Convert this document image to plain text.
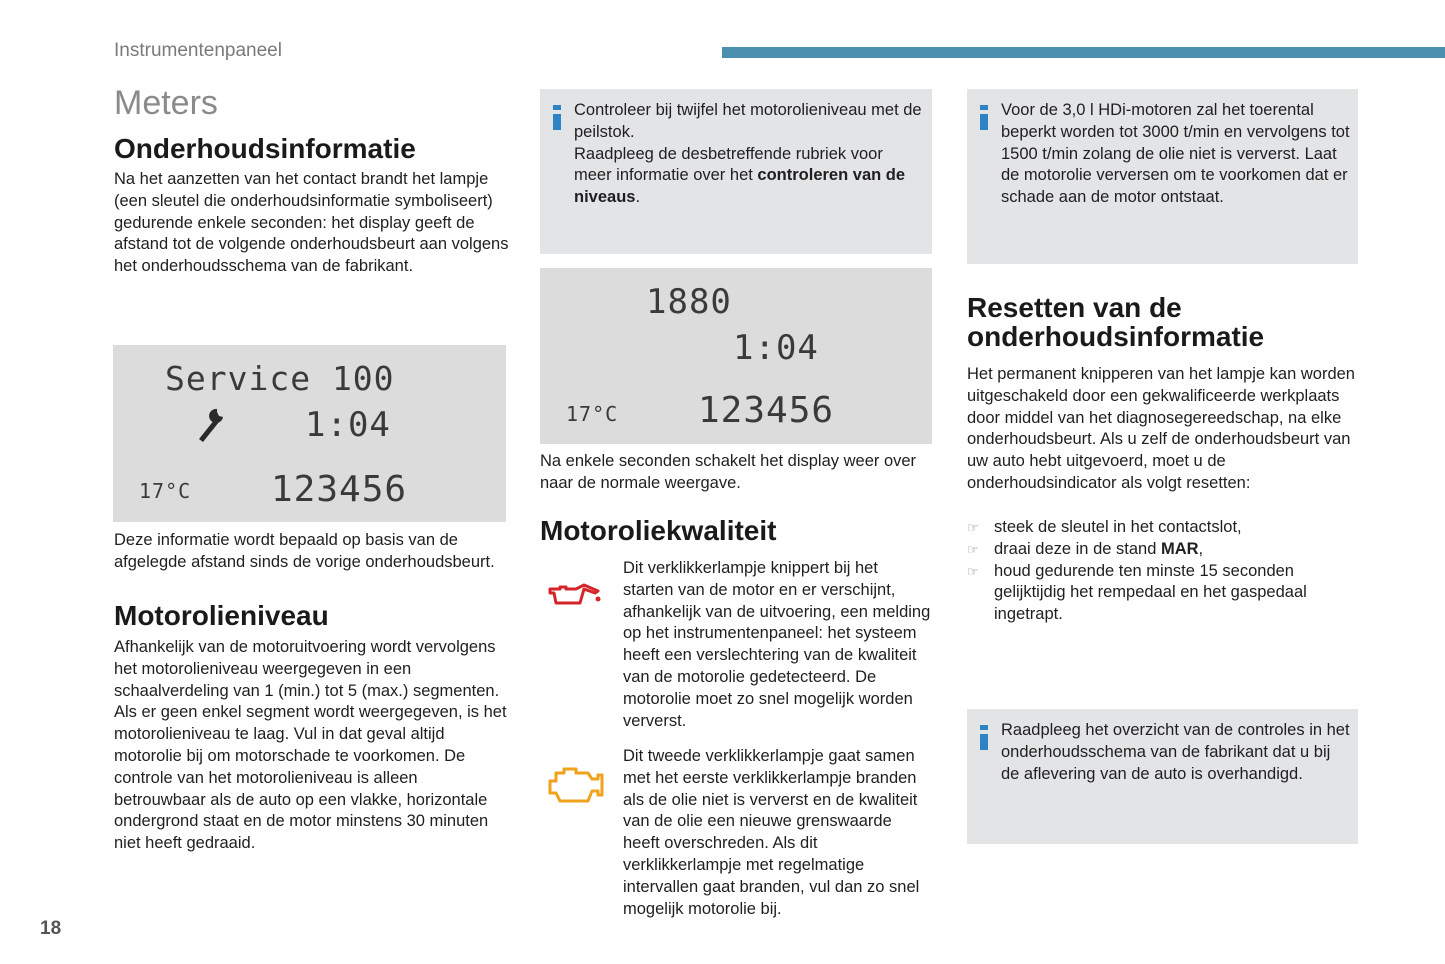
Instrumentenpaneel
Meters
Onderhoudsinformatie
Na het aanzetten van het contact brandt het lampje (een sleutel die onderhoudsinformatie symboliseert) gedurende enkele seconden: het display geeft de afstand tot de volgende onderhoudsbeurt aan volgens het onderhoudsschema van de fabrikant.
Service 100
1:04
17°C 123456
Deze informatie wordt bepaald op basis van de afgelegde afstand sinds de vorige onderhoudsbeurt.
Motorolieniveau
Afhankelijk van de motoruitvoering wordt vervolgens het motorolieniveau weergegeven in een schaalverdeling van 1 (min.) tot 5 (max.) segmenten. Als er geen enkel segment wordt weergegeven, is het motorolieniveau te laag. Vul in dat geval altijd motorolie bij om motorschade te voorkomen. De controle van het motorolieniveau is alleen betrouwbaar als de auto op een vlakke, horizontale ondergrond staat en de motor minstens 30 minuten niet heeft gedraaid.
Controleer bij twijfel het motorolieniveau met de peilstok.
Raadpleeg de desbetreffende rubriek voor meer informatie over het controleren van de niveaus.
1880
1:04
17°C 123456
Na enkele seconden schakelt het display weer over naar de normale weergave.
Motoroliekwaliteit
Dit verklikkerlampje knippert bij het starten van de motor en er verschijnt, afhankelijk van de uitvoering, een melding op het instrumentenpaneel: het systeem heeft een verslechtering van de kwaliteit van de motorolie gedetecteerd. De motorolie moet zo snel mogelijk worden ververst.
Dit tweede verklikkerlampje gaat samen met het eerste verklikkerlampje branden als de olie niet is ververst en de kwaliteit van de olie een nieuwe grenswaarde heeft overschreden. Als dit verklikkerlampje met regelmatige intervallen gaat branden, vul dan zo snel mogelijk motorolie bij.
Voor de 3,0 l HDi-motoren zal het toerental beperkt worden tot 3000 t/min en vervolgens tot 1500 t/min zolang de olie niet is ververst. Laat de motorolie verversen om te voorkomen dat er schade aan de motor ontstaat.
Resetten van de onderhoudsinformatie
Het permanent knipperen van het lampje kan worden uitgeschakeld door een gekwalificeerde werkplaats door middel van het diagnosegereedschap, na elke onderhoudsbeurt. Als u zelf de onderhoudsbeurt van uw auto hebt uitgevoerd, moet u de onderhoudsindicator als volgt resetten:
☞ steek de sleutel in het contactslot,
☞ draai deze in de stand MAR,
☞ houd gedurende ten minste 15 seconden gelijktijdig het rempedaal en het gaspedaal ingetrapt.
Raadpleeg het overzicht van de controles in het onderhoudsschema van de fabrikant dat u bij de aflevering van de auto is overhandigd.
18
